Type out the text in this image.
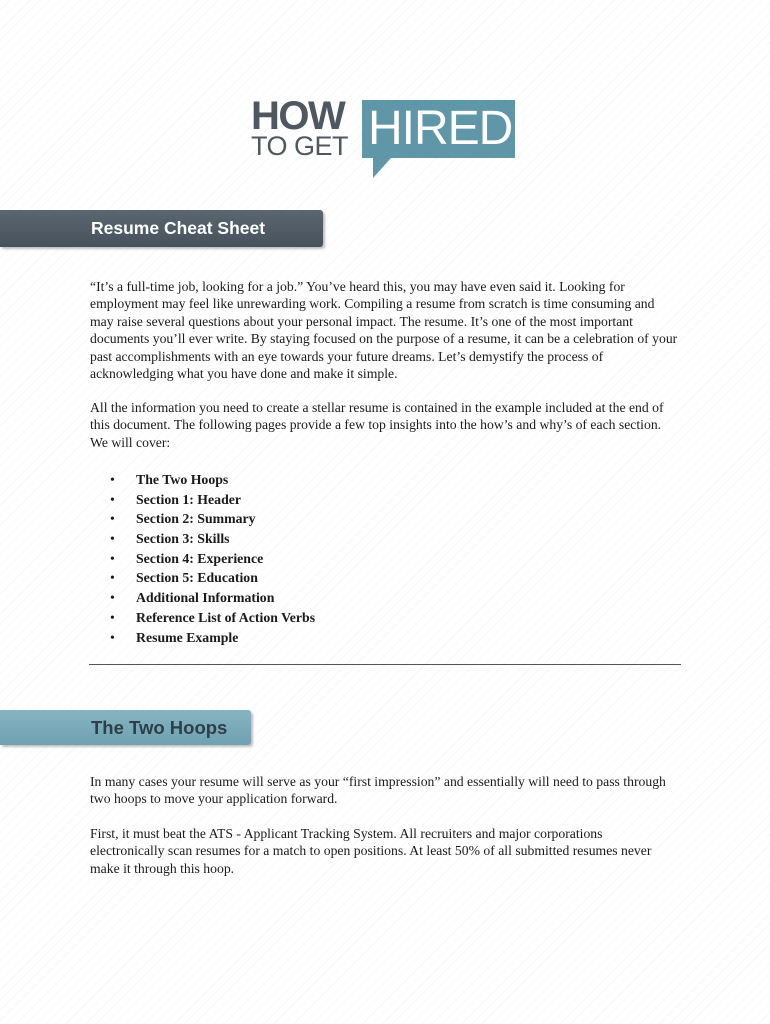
HOW
TO GET HIRED
Resume Cheat Sheet

“It’s a full-time job, looking for a job.” You’ve heard this, you may have even said it. Looking for employment may feel like unrewarding work. Compiling a resume from scratch is time consuming and may raise several questions about your personal impact. The resume. It’s one of the most important documents you’ll ever write. By staying focused on the purpose of a resume, it can be a celebration of your past accomplishments with an eye towards your future dreams. Let’s demystify the process of acknowledging what you have done and make it simple.

All the information you need to create a stellar resume is contained in the example included at the end of this document. The following pages provide a few top insights into the how’s and why’s of each section. We will cover:

• The Two Hoops
• Section 1: Header
• Section 2: Summary
• Section 3: Skills
• Section 4: Experience
• Section 5: Education
• Additional Information
• Reference List of Action Verbs
• Resume Example
The Two Hoops

In many cases your resume will serve as your “first impression” and essentially will need to pass through two hoops to move your application forward.

First, it must beat the ATS - Applicant Tracking System. All recruiters and major corporations electronically scan resumes for a match to open positions. At least 50% of all submitted resumes never make it through this hoop.
